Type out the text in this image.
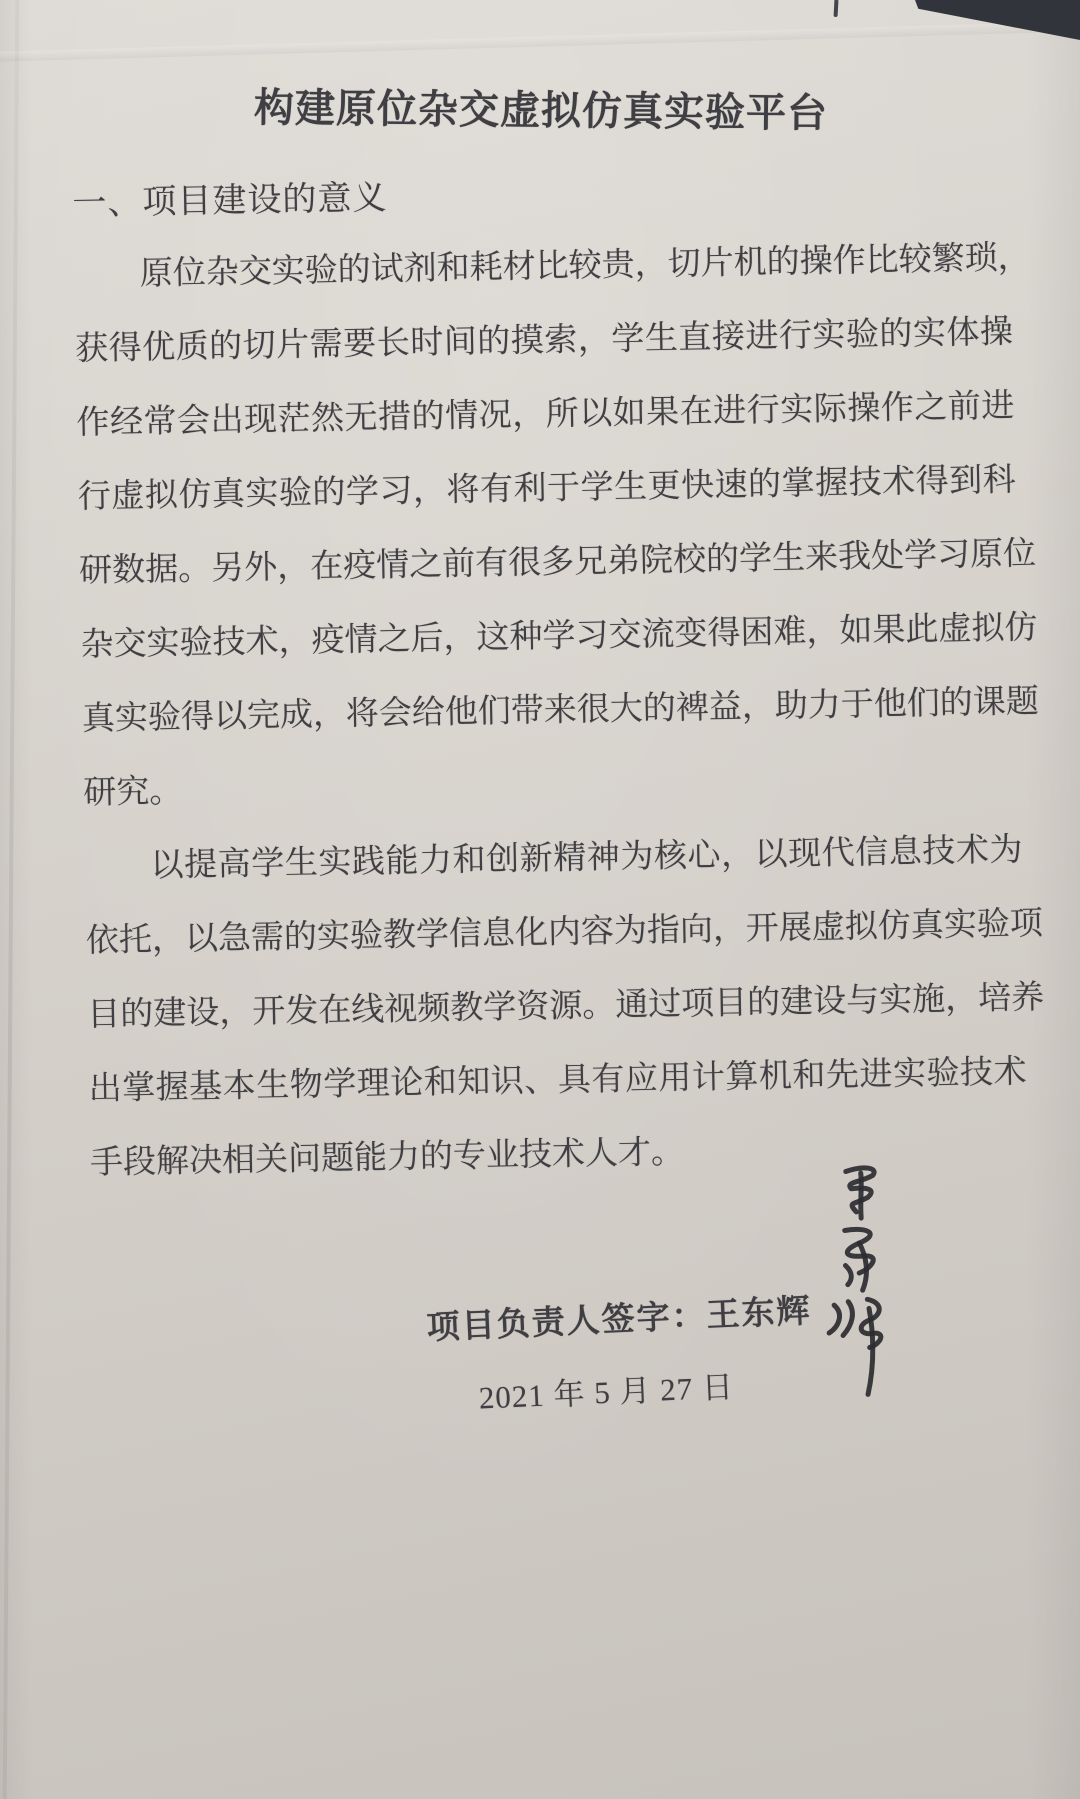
构建原位杂交虚拟仿真实验平台
一、项目建设的意义
原位杂交实验的试剂和耗材比较贵，切片机的操作比较繁琐，
获得优质的切片需要长时间的摸索，学生直接进行实验的实体操
作经常会出现茫然无措的情况，所以如果在进行实际操作之前进
行虚拟仿真实验的学习，将有利于学生更快速的掌握技术得到科
研数据。另外，在疫情之前有很多兄弟院校的学生来我处学习原位
杂交实验技术，疫情之后，这种学习交流变得困难，如果此虚拟仿
真实验得以完成，将会给他们带来很大的裨益，助力于他们的课题
研究。
以提高学生实践能力和创新精神为核心，以现代信息技术为
依托，以急需的实验教学信息化内容为指向，开展虚拟仿真实验项
目的建设，开发在线视频教学资源。通过项目的建设与实施，培养
出掌握基本生物学理论和知识、具有应用计算机和先进实验技术
手段解决相关问题能力的专业技术人才。
项目负责人签字：王东辉
2021 年 5 月 27 日
